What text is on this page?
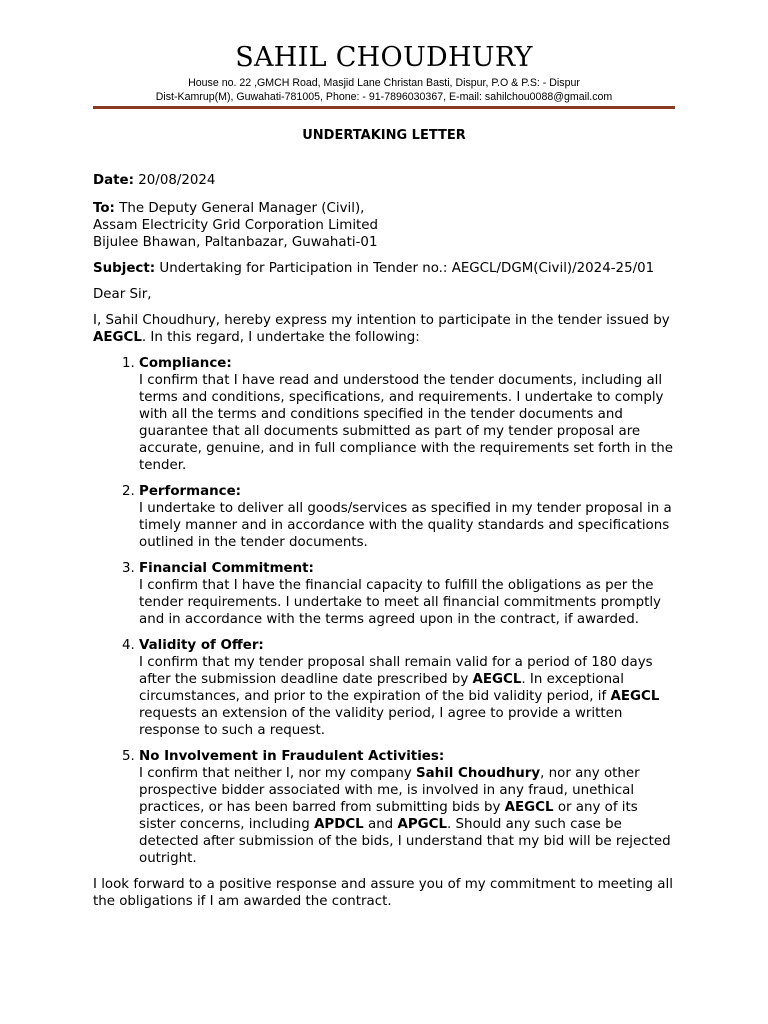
SAHIL CHOUDHURY

House no. 22 ,GMCH Road, Masjid Lane Christan Basti, Dispur, P.O & P.S: - Dispur

Dist-Kamrup(M), Guwahati-781005, Phone: - 91-7896030367, E-mail: sahilchou0088@gmail.com

UNDERTAKING LETTER

Date: 20/08/2024

To: The Deputy General Manager (Civil),

Assam Electricity Grid Corporation Limited

Bijulee Bhawan, Paltanbazar, Guwahati-01

Subject: Undertaking for Participation in Tender no.: AEGCL/DGM(Civil)/2024-25/01

Dear Sir,

I, Sahil Choudhury, hereby express my intention to participate in the tender issued by AEGCL. In this regard, I undertake the following:

1. Compliance:
I confirm that I have read and understood the tender documents, including all terms and conditions, specifications, and requirements. I undertake to comply with all the terms and conditions specified in the tender documents and guarantee that all documents submitted as part of my tender proposal are accurate, genuine, and in full compliance with the requirements set forth in the tender.
2. Performance:
I undertake to deliver all goods/services as specified in my tender proposal in a timely manner and in accordance with the quality standards and specifications outlined in the tender documents.
3. Financial Commitment:
I confirm that I have the financial capacity to fulfill the obligations as per the tender requirements. I undertake to meet all financial commitments promptly and in accordance with the terms agreed upon in the contract, if awarded.
4. Validity of Offer:
I confirm that my tender proposal shall remain valid for a period of 180 days after the submission deadline date prescribed by AEGCL. In exceptional circumstances, and prior to the expiration of the bid validity period, if AEGCL requests an extension of the validity period, I agree to provide a written response to such a request.
5. No Involvement in Fraudulent Activities:
I confirm that neither I, nor my company Sahil Choudhury, nor any other prospective bidder associated with me, is involved in any fraud, unethical practices, or has been barred from submitting bids by AEGCL or any of its sister concerns, including APDCL and APGCL. Should any such case be detected after submission of the bids, I understand that my bid will be rejected outright.

I look forward to a positive response and assure you of my commitment to meeting all the obligations if I am awarded the contract.
